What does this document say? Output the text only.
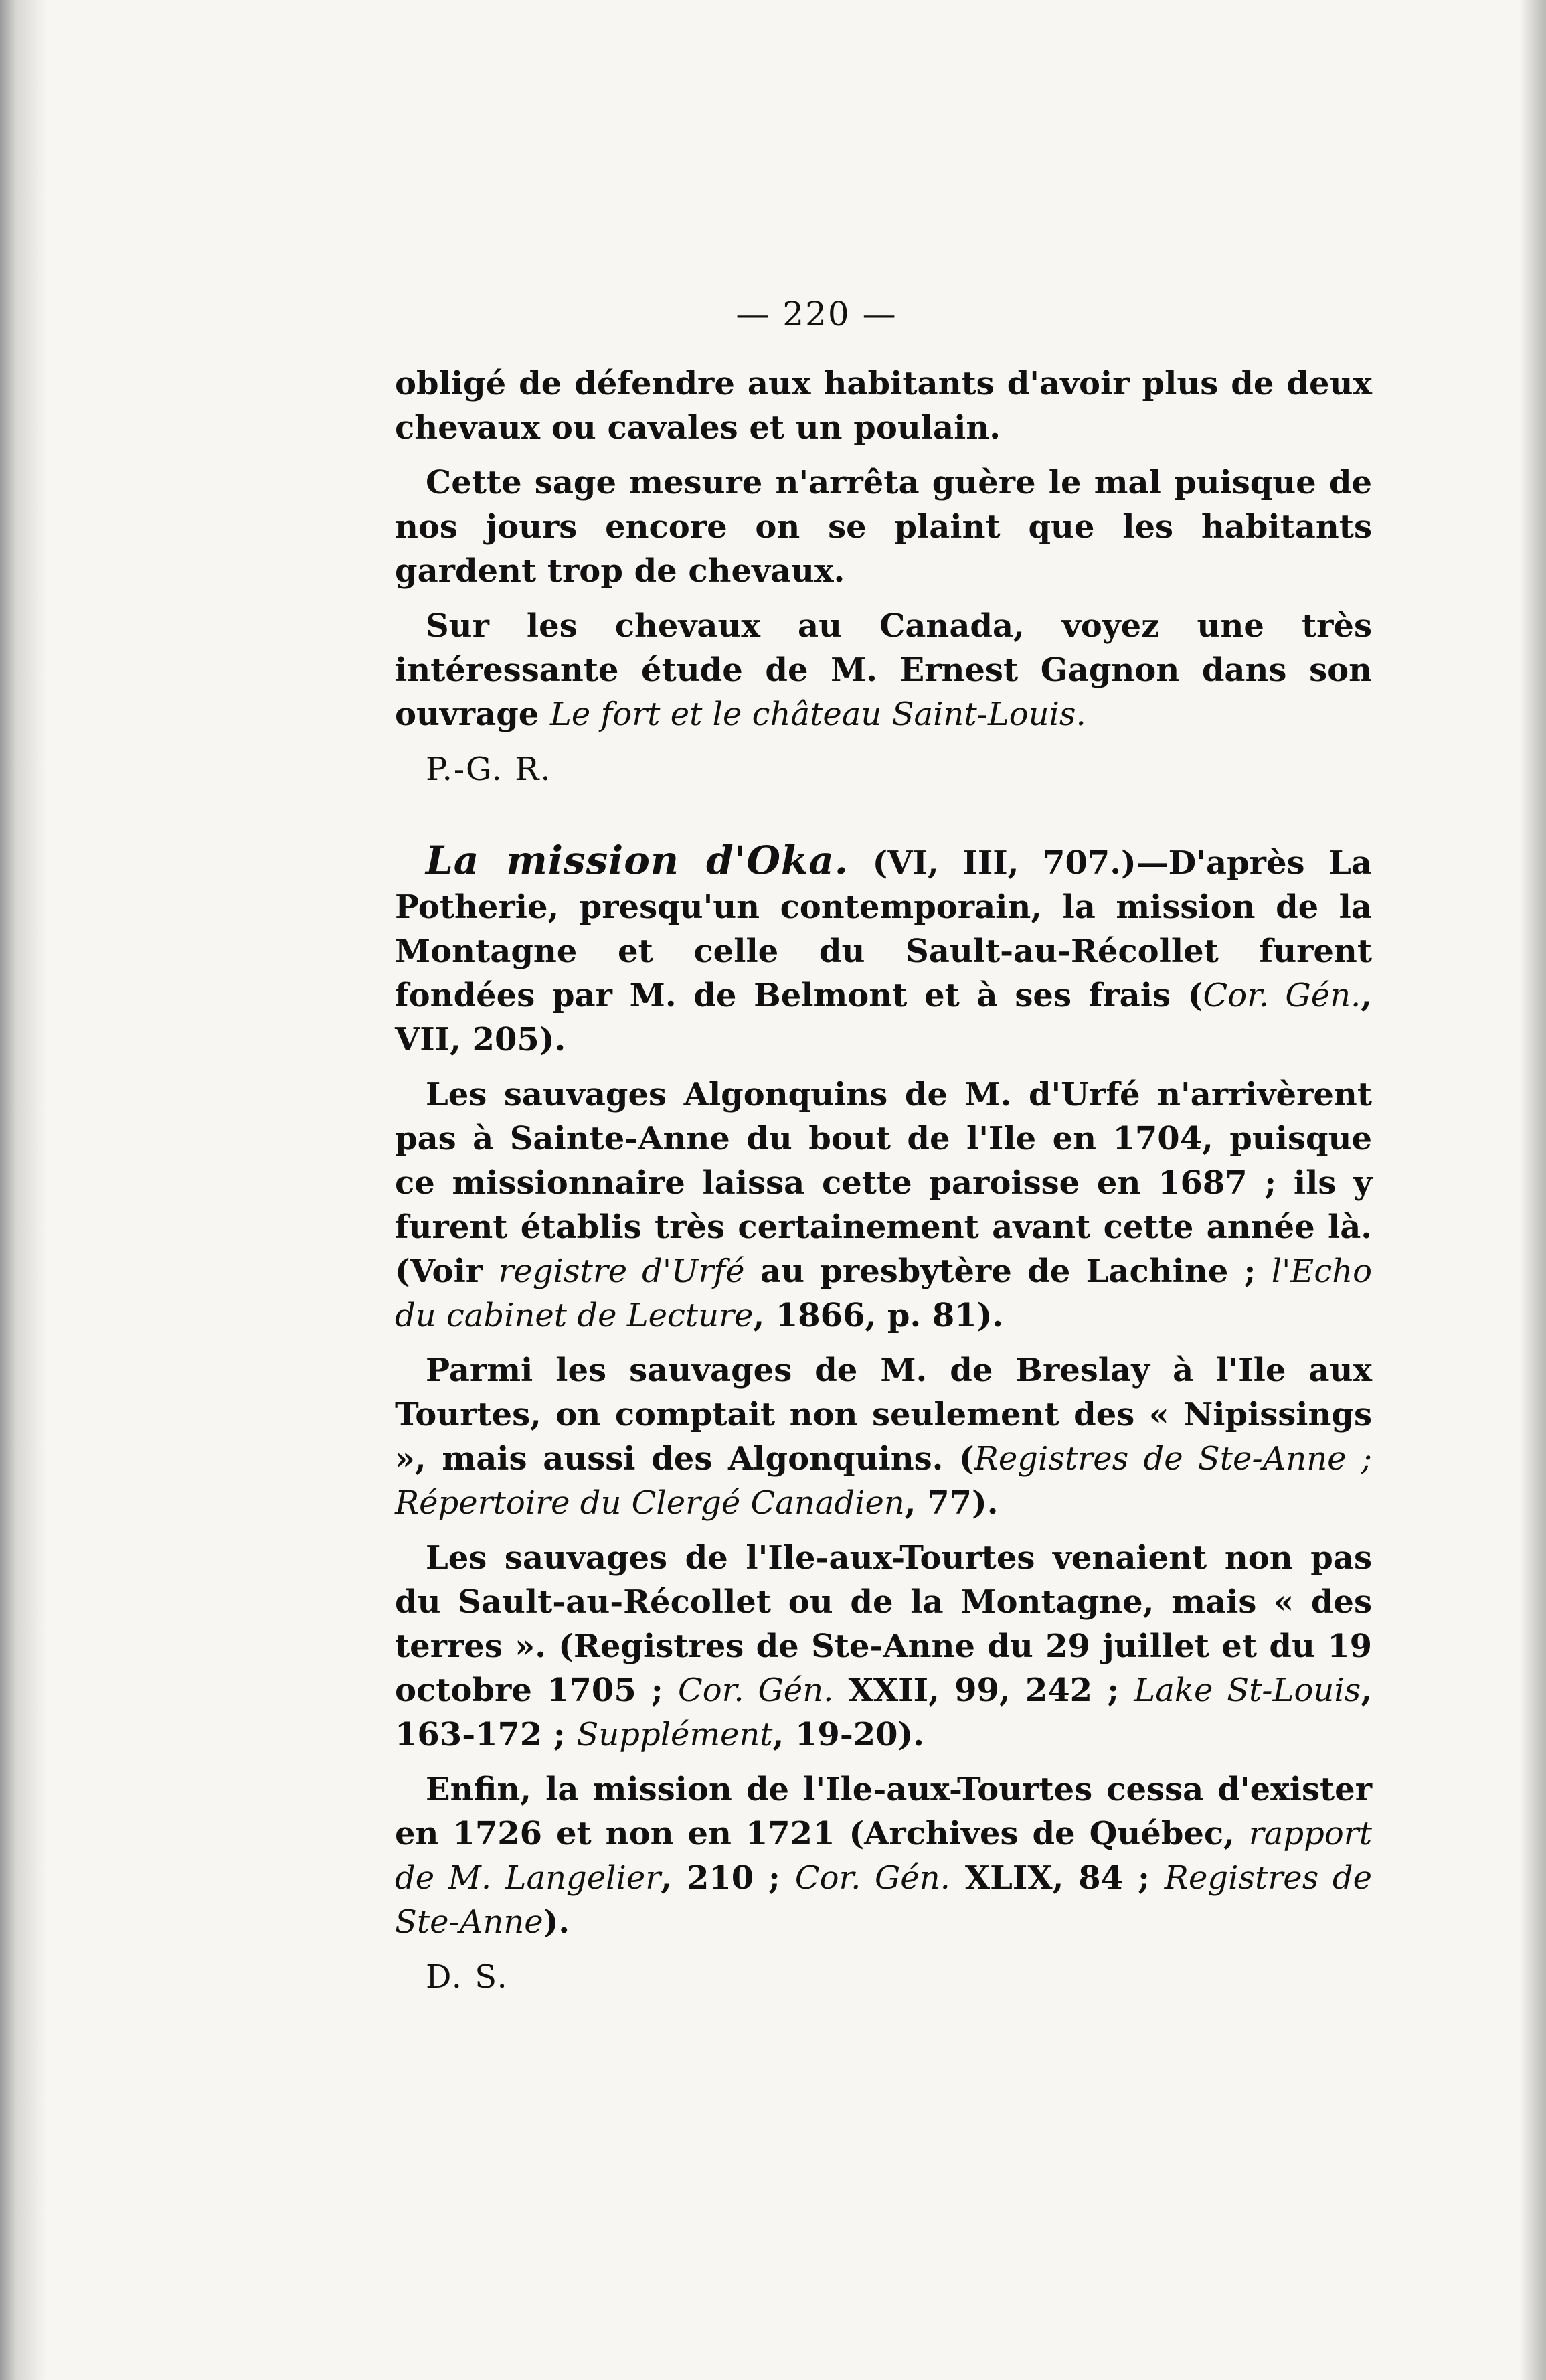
— 220 —

obligé de défendre aux habitants d'avoir plus de deux chevaux ou cavales et un poulain.

Cette sage mesure n'arrêta guère le mal puisque de nos jours encore on se plaint que les habitants gardent trop de chevaux.

Sur les chevaux au Canada, voyez une très intéressante étude de M. Ernest Gagnon dans son ouvrage Le fort et le château Saint-Louis.

P.-G. R.

La mission d'Oka. (VI, III, 707.)—D'après La Potherie, presqu'un contemporain, la mission de la Montagne et celle du Sault-au-Récollet furent fondées par M. de Belmont et à ses frais (Cor. Gén., VII, 205).

Les sauvages Algonquins de M. d'Urfé n'arrivèrent pas à Sainte-Anne du bout de l'Ile en 1704, puisque ce missionnaire laissa cette paroisse en 1687 ; ils y furent établis très certainement avant cette année là. (Voir registre d'Urfé au presbytère de Lachine ; l'Echo du cabinet de Lecture, 1866, p. 81).

Parmi les sauvages de M. de Breslay à l'Ile aux Tourtes, on comptait non seulement des « Nipissings », mais aussi des Algonquins. (Registres de Ste-Anne ; Répertoire du Clergé Canadien, 77).

Les sauvages de l'Ile-aux-Tourtes venaient non pas du Sault-au-Récollet ou de la Montagne, mais « des terres ». (Registres de Ste-Anne du 29 juillet et du 19 octobre 1705 ; Cor. Gén. XXII, 99, 242 ; Lake St-Louis, 163-172 ; Supplément, 19-20).

Enfin, la mission de l'Ile-aux-Tourtes cessa d'exister en 1726 et non en 1721 (Archives de Québec, rapport de M. Langelier, 210 ; Cor. Gén. XLIX, 84 ; Registres de Ste-Anne).

D. S.
